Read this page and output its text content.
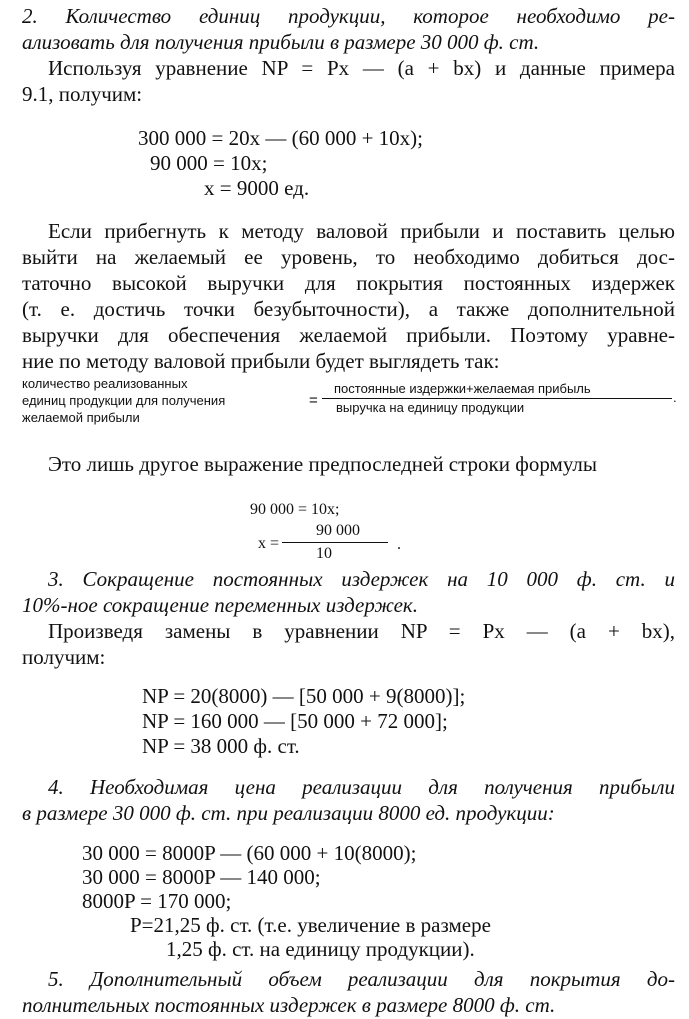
2. Количество единиц продукции, которое необходимо ре-
ализовать для получения прибыли в размере 30 000 ф. ст.
Используя уравнение NP = Px — (a + bx) и данные примера
9.1, получим:
300 000 = 20x — (60 000 + 10x);
90 000 = 10x;
x = 9000 ед.
Если прибегнуть к методу валовой прибыли и поставить целью
выйти на желаемый ее уровень, то необходимо добиться дос-
таточно высокой выручки для покрытия постоянных издержек
(т. е. достичь точки безубыточности), а также дополнительной
выручки для обеспечения желаемой прибыли. Поэтому уравне-
ние по методу валовой прибыли будет выглядеть так:
количество реализованных
единиц продукции для получения
желаемой прибыли
=
постоянные издержки+желаемая прибыль
выручка на единицу продукции
.
Это лишь другое выражение предпоследней строки формулы
90 000 = 10x;
x =
90 000
10
.
3. Сокращение постоянных издержек на 10 000 ф. ст. и
10%-ное сокращение переменных издержек.
Произведя замены в уравнении NP = Px — (a + bx),
получим:
NP = 20(8000) — [50 000 + 9(8000)];
NP = 160 000 — [50 000 + 72 000];
NP = 38 000 ф. ст.
4. Необходимая цена реализации для получения прибыли
в размере 30 000 ф. ст. при реализации 8000 ед. продукции:
30 000 = 8000P — (60 000 + 10(8000);
30 000 = 8000P — 140 000;
8000P = 170 000;
P=21,25 ф. ст. (т.е. увеличение в размере
1,25 ф. ст. на единицу продукции).
5. Дополнительный объем реализации для покрытия до-
полнительных постоянных издержек в размере 8000 ф. ст.
